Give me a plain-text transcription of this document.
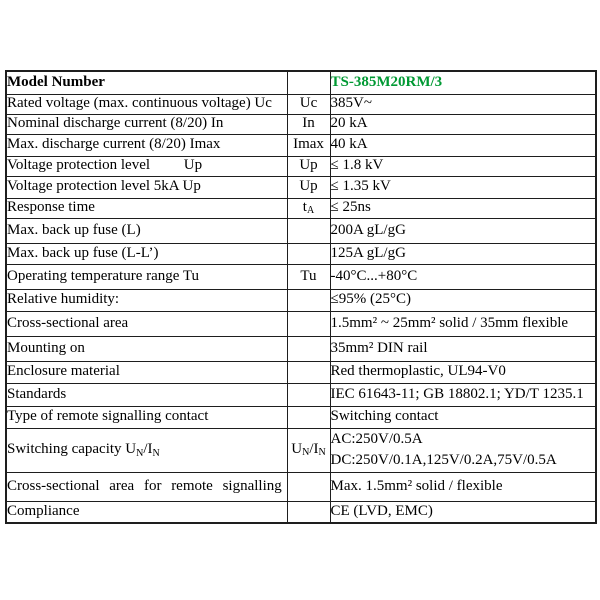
Model Number		TS-385M20RM/3
Rated voltage (max. continuous voltage) Uc	Uc	385V~
Nominal discharge current (8/20) In	In	20 kA
Max. discharge current (8/20) Imax	Imax	40 kA
Voltage protection level         Up	Up	≤ 1.8 kV
Voltage protection level 5kA Up	Up	≤ 1.35 kV
Response time	tA	≤ 25ns
Max. back up fuse (L)		200A gL/gG
Max. back up fuse (L-L’)		125A gL/gG
Operating temperature range Tu	Tu	-40°C...+80°C
Relative humidity:		≤95% (25°C)
Cross-sectional area		1.5mm² ~ 25mm² solid / 35mm flexible
Mounting on		35mm² DIN rail
Enclosure material		Red thermoplastic, UL94-V0
Standards		IEC 61643-11; GB 18802.1; YD/T 1235.1
Type of remote signalling contact		Switching contact
Switching capacity $U_N/I_N$	UN/IN	AC:250V/0.5A
DC:250V/0.1A,125V/0.2A,75V/0.5A

Cross-sectional area for remote signalling		Max. 1.5mm² solid / flexible
Compliance		CE (LVD, EMC)
